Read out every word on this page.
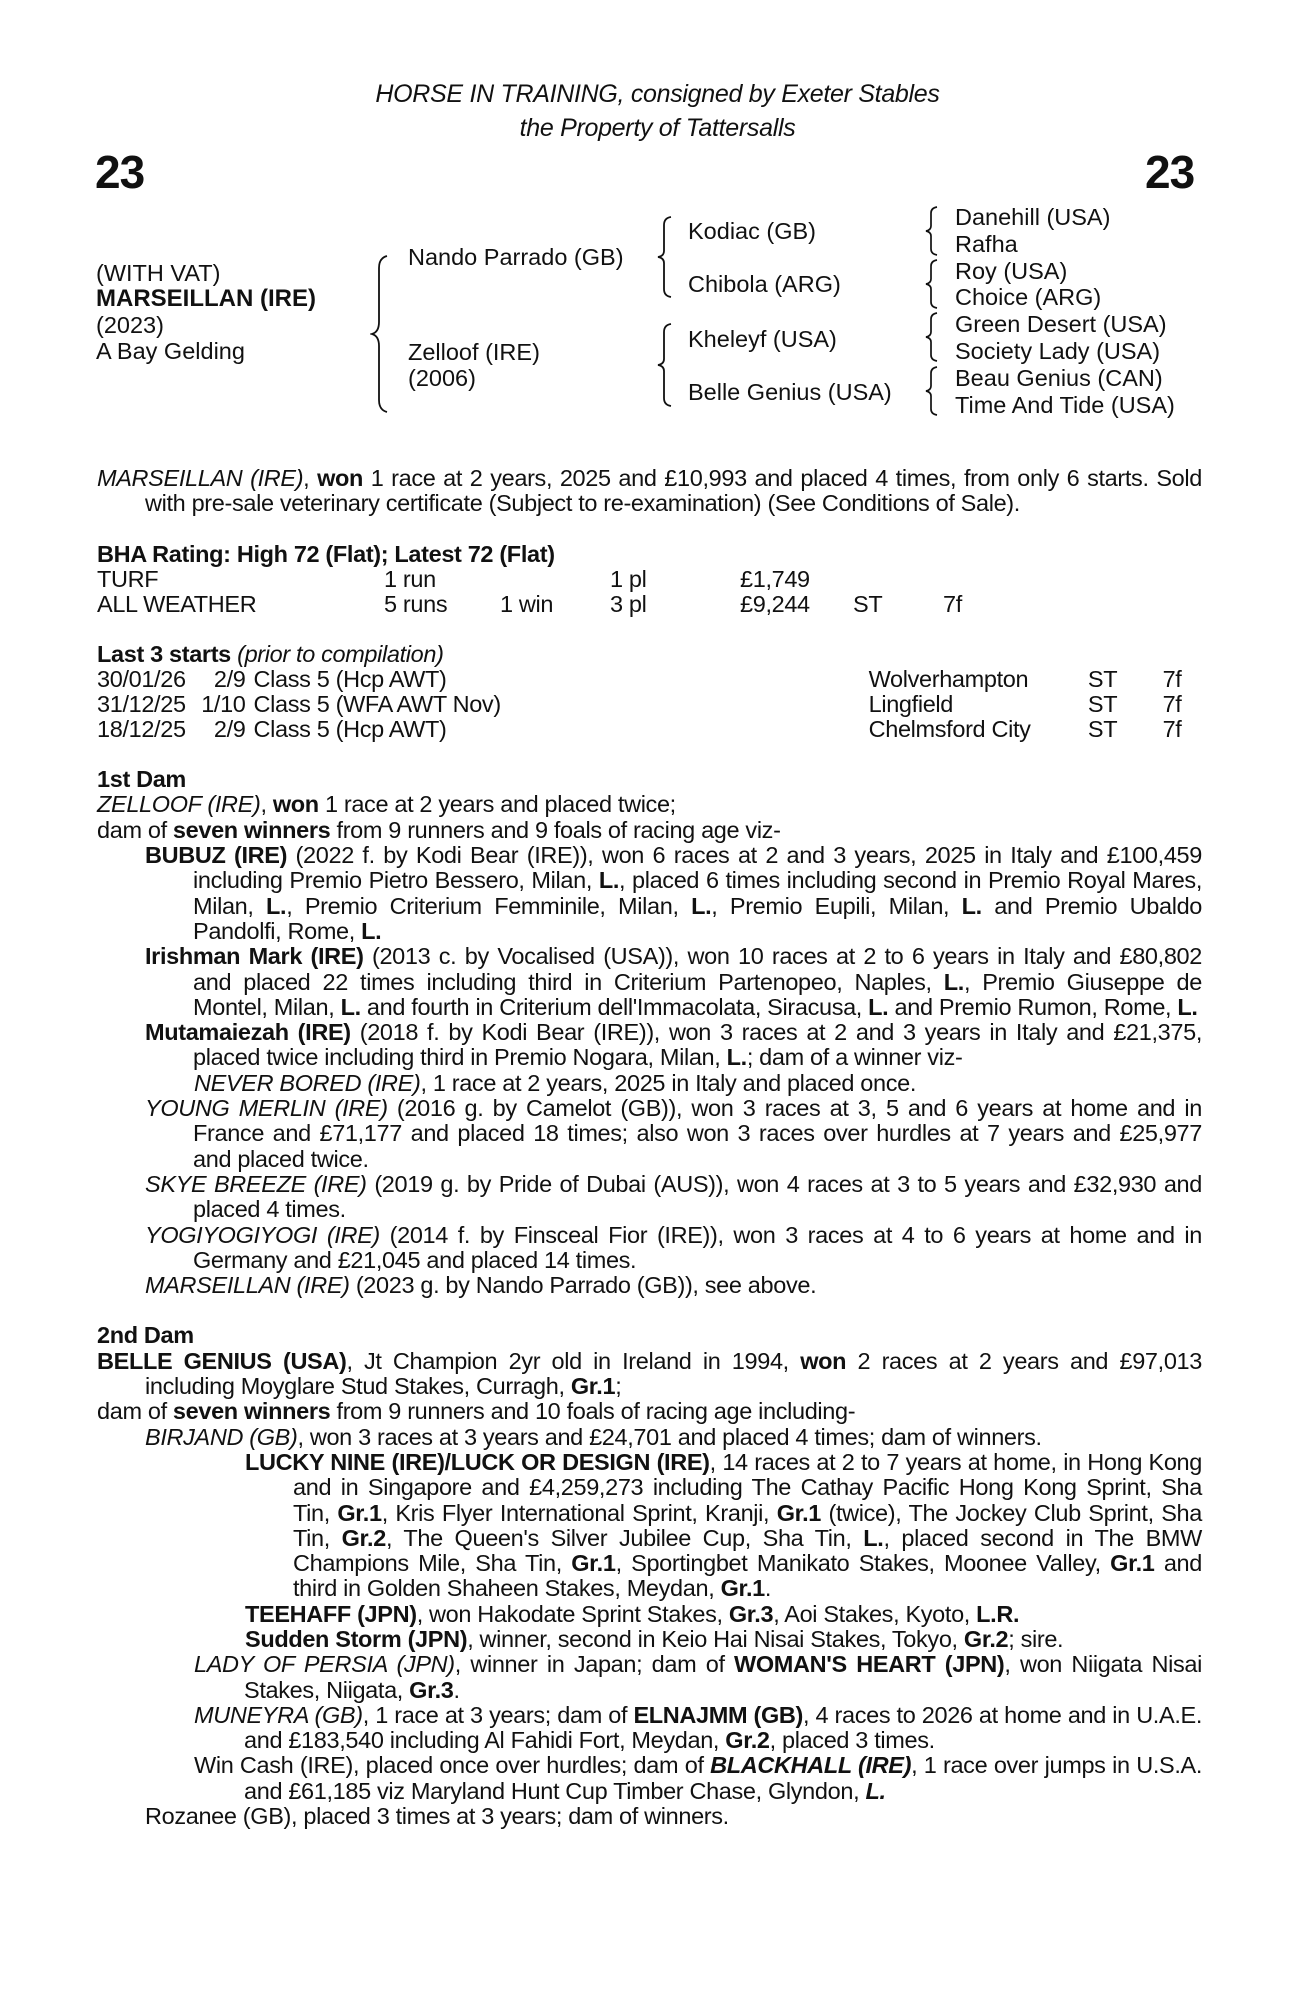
HORSE IN TRAINING, consigned by Exeter Stables
the Property of Tattersalls
23	23
(WITH VAT)
MARSEILLAN (IRE)
(2023)
A Bay Gelding
Nando Parrado (GB)
Zelloof (IRE)
(2006)
Kodiac (GB)
Chibola (ARG)
Kheleyf (USA)
Belle Genius (USA)
Danehill (USA)
Rafha
Roy (USA)
Choice (ARG)
Green Desert (USA)
Society Lady (USA)
Beau Genius (CAN)
Time And Tide (USA)

MARSEILLAN (IRE), won 1 race at 2 years, 2025 and £10,993 and placed 4 times, from only 6 starts. Sold with pre-sale veterinary certificate (Subject to re-examination) (See Conditions of Sale).

BHA Rating: High 72 (Flat); Latest 72 (Flat)
TURF	1 run		1 pl	£1,749		
ALL WEATHER	5 runs	1 win	3 pl	£9,244	ST	7f
Last 3 starts (prior to compilation)
30/01/26	2/9	Class 5 (Hcp AWT)	Wolverhampton	ST	7f
31/12/25	1/10	Class 5 (WFA AWT Nov)	Lingfield	ST	7f
18/12/25	2/9	Class 5 (Hcp AWT)	Chelmsford City	ST	7f
1st Dam

ZELLOOF (IRE), won 1 race at 2 years and placed twice;

dam of seven winners from 9 runners and 9 foals of racing age viz-

BUBUZ (IRE) (2022 f. by Kodi Bear (IRE)), won 6 races at 2 and 3 years, 2025 in Italy and £100,459 including Premio Pietro Bessero, Milan, L., placed 6 times including second in Premio Royal Mares, Milan, L., Premio Criterium Femminile, Milan, L., Premio Eupili, Milan, L. and Premio Ubaldo Pandolfi, Rome, L.

Irishman Mark (IRE) (2013 c. by Vocalised (USA)), won 10 races at 2 to 6 years in Italy and £80,802 and placed 22 times including third in Criterium Partenopeo, Naples, L., Premio Giuseppe de Montel, Milan, L. and fourth in Criterium dell'Immacolata, Siracusa, L. and Premio Rumon, Rome, L.

Mutamaiezah (IRE) (2018 f. by Kodi Bear (IRE)), won 3 races at 2 and 3 years in Italy and £21,375, placed twice including third in Premio Nogara, Milan, L.; dam of a winner viz-

NEVER BORED (IRE), 1 race at 2 years, 2025 in Italy and placed once.

YOUNG MERLIN (IRE) (2016 g. by Camelot (GB)), won 3 races at 3, 5 and 6 years at home and in France and £71,177 and placed 18 times; also won 3 races over hurdles at 7 years and £25,977 and placed twice.

SKYE BREEZE (IRE) (2019 g. by Pride of Dubai (AUS)), won 4 races at 3 to 5 years and £32,930 and placed 4 times.

YOGIYOGIYOGI (IRE) (2014 f. by Finsceal Fior (IRE)), won 3 races at 4 to 6 years at home and in Germany and £21,045 and placed 14 times.

MARSEILLAN (IRE) (2023 g. by Nando Parrado (GB)), see above.

2nd Dam

BELLE GENIUS (USA), Jt Champion 2yr old in Ireland in 1994, won 2 races at 2 years and £97,013 including Moyglare Stud Stakes, Curragh, Gr.1;

dam of seven winners from 9 runners and 10 foals of racing age including-

BIRJAND (GB), won 3 races at 3 years and £24,701 and placed 4 times; dam of winners.

LUCKY NINE (IRE)/LUCK OR DESIGN (IRE), 14 races at 2 to 7 years at home, in Hong Kong and in Singapore and £4,259,273 including The Cathay Pacific Hong Kong Sprint, Sha Tin, Gr.1, Kris Flyer International Sprint, Kranji, Gr.1 (twice), The Jockey Club Sprint, Sha Tin, Gr.2, The Queen's Silver Jubilee Cup, Sha Tin, L., placed second in The BMW Champions Mile, Sha Tin, Gr.1, Sportingbet Manikato Stakes, Moonee Valley, Gr.1 and third in Golden Shaheen Stakes, Meydan, Gr.1.

TEEHAFF (JPN), won Hakodate Sprint Stakes, Gr.3, Aoi Stakes, Kyoto, L.R.

Sudden Storm (JPN), winner, second in Keio Hai Nisai Stakes, Tokyo, Gr.2; sire.

LADY OF PERSIA (JPN), winner in Japan; dam of WOMAN'S HEART (JPN), won Niigata Nisai Stakes, Niigata, Gr.3.

MUNEYRA (GB), 1 race at 3 years; dam of ELNAJMM (GB), 4 races to 2026 at home and in U.A.E. and £183,540 including Al Fahidi Fort, Meydan, Gr.2, placed 3 times.

Win Cash (IRE), placed once over hurdles; dam of BLACKHALL (IRE), 1 race over jumps in U.S.A. and £61,185 viz Maryland Hunt Cup Timber Chase, Glyndon, L.

Rozanee (GB), placed 3 times at 3 years; dam of winners.
